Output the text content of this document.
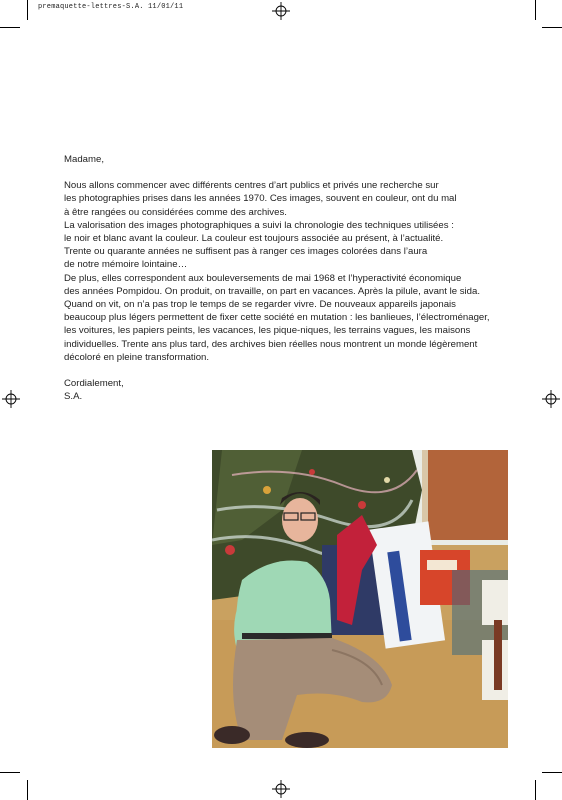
premaquette-lettres-S.A. 11/01/11

Madame,

Nous allons commencer avec différents centres d’art publics et privés une recherche sur
les photographies prises dans les années 1970. Ces images, souvent en couleur, ont du mal
à être rangées ou considérées comme des archives.
La valorisation des images photographiques a suivi la chronologie des techniques utilisées :
le noir et blanc avant la couleur. La couleur est toujours associée au présent, à l’actualité.
Trente ou quarante années ne suffisent pas à ranger ces images colorées dans l’aura
de notre mémoire lointaine…
De plus, elles correspondent aux bouleversements de mai 1968 et l’hyperactivité économique
des années Pompidou. On produit, on travaille, on part en vacances. Après la pilule, avant le sida.
Quand on vit, on n’a pas trop le temps de se regarder vivre. De nouveaux appareils japonais
beaucoup plus légers permettent de fixer cette société en mutation : les banlieues, l’électroménager,
les voitures, les papiers peints, les vacances, les pique-niques, les terrains vagues, les maisons
individuelles. Trente ans plus tard, des archives bien réelles nous montrent un monde légèrement
décoloré en pleine transformation.

Cordialement,

S.A.
